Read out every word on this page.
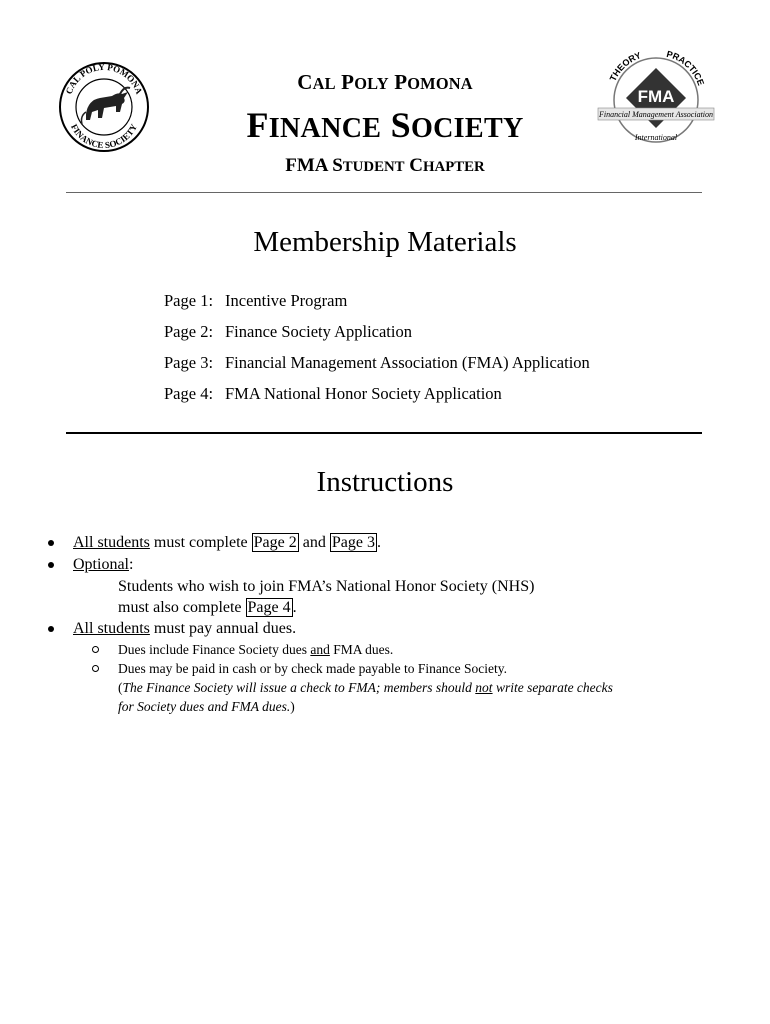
CAL POLY POMONA
FINANCE SOCIETY
THEORY	PRACTICE
FMA
Financial Management Association
International
CAL POLY POMONA
FINANCE SOCIETY
FMA STUDENT CHAPTER
Membership Materials
Page 1: Incentive Program
Page 2: Finance Society Application
Page 3: Financial Management Association (FMA) Application
Page 4: FMA National Honor Society Application
Instructions
All students must complete Page 2 and Page 3 .
Optional:
Students who wish to join FMA’s National Honor Society (NHS)
must also complete Page 4 .
All students must pay annual dues.
Dues include Finance Society dues and FMA dues.
Dues may be paid in cash or by check made payable to Finance Society.
(The Finance Society will issue a check to FMA; members should not write separate checks
for Society dues and FMA dues.)
